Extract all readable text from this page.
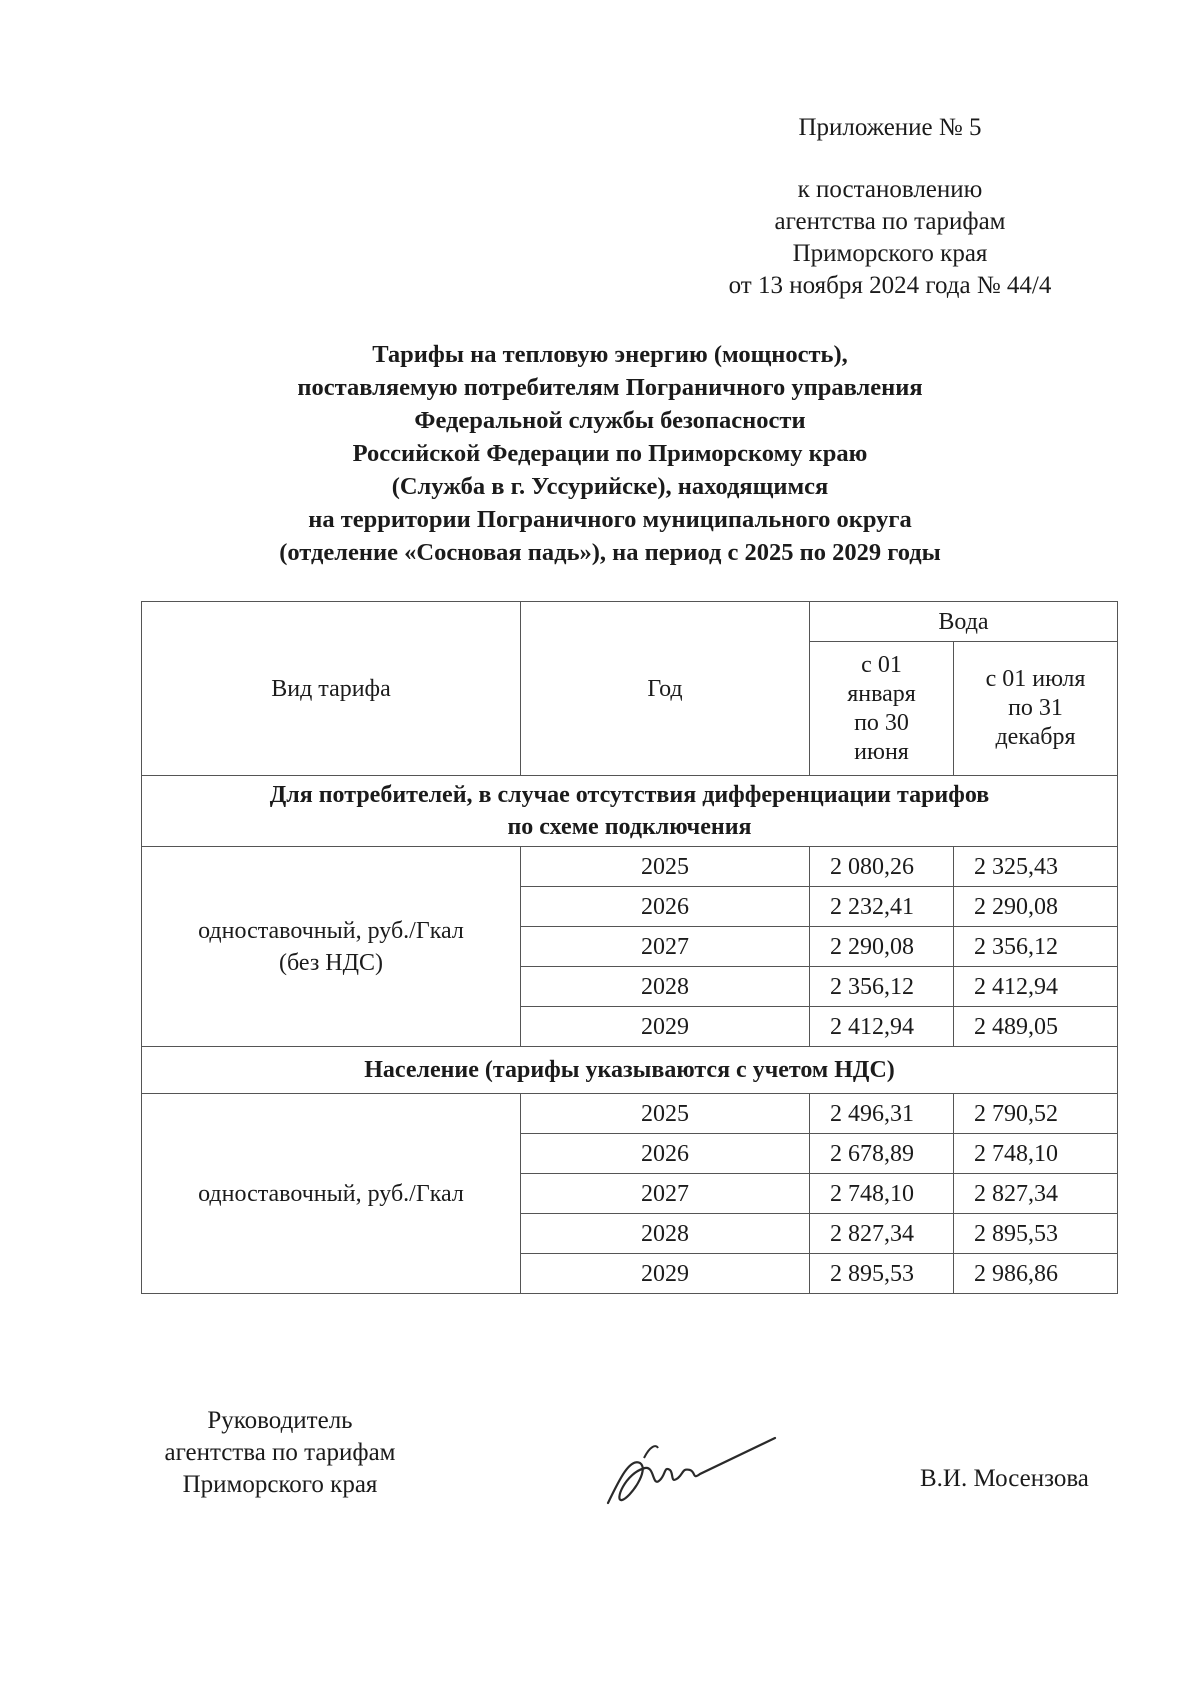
Приложение № 5
к постановлению
агентства по тарифам
Приморского края
от 13 ноября 2024 года № 44/4
Тарифы на тепловую энергию (мощность),
поставляемую потребителям Пограничного управления
Федеральной службы безопасности
Российской Федерации по Приморскому краю
(Служба в г. Уссурийске), находящимся
на территории Пограничного муниципального округа
(отделение «Сосновая падь»), на период с 2025 по 2029 годы
Вид тарифа	Год	Вода	
		с 01
января
по 30
июня	с 01 июля
по 31
декабря

Для потребителей, в случае отсутствия дифференциации тарифов
по схеме подключения			

одноставочный, руб./Гкал
(без НДС)	2025	2 080,26	2 325,43
	2026	2 232,41	2 290,08
	2027	2 290,08	2 356,12
	2028	2 356,12	2 412,94
	2029	2 412,94	2 489,05

Население (тарифы указываются с учетом НДС)			

одноставочный, руб./Гкал	2025	2 496,31	2 790,52
	2026	2 678,89	2 748,10
	2027	2 748,10	2 827,34
	2028	2 827,34	2 895,53
	2029	2 895,53	2 986,86
Руководитель
агентства по тарифам
Приморского края	В.И. Мосензова
